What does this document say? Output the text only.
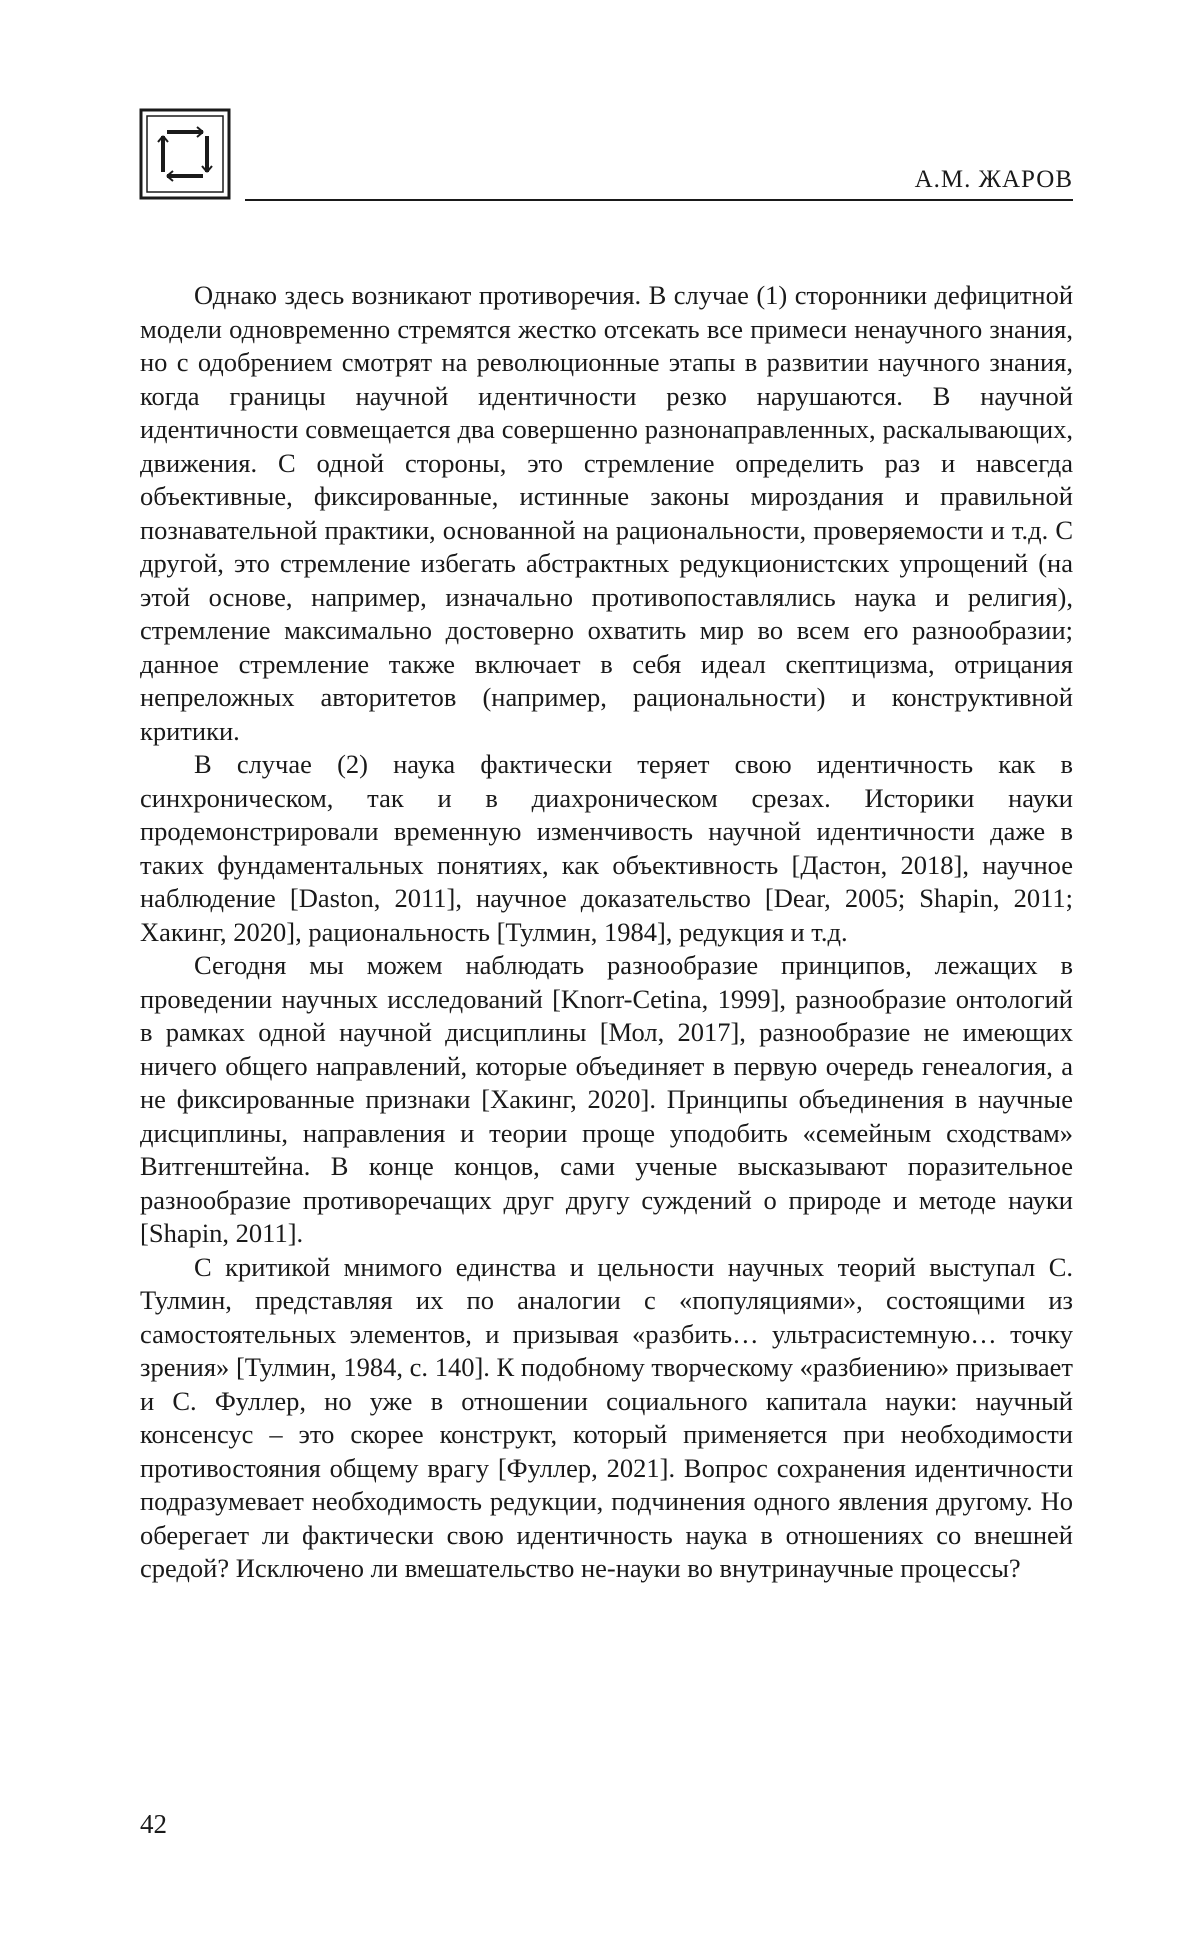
А.М. ЖАРОВ

Однако здесь возникают противоречия. В случае (1) сторонники дефицитной модели одновременно стремятся жестко отсекать все примеси ненаучного знания, но с одобрением смотрят на революционные этапы в развитии научного знания, когда границы научной идентичности резко нарушаются. В научной идентичности совмещается два совершенно разнонаправленных, раскалывающих, движения. С одной стороны, это стремление определить раз и навсегда объективные, фиксированные, истинные законы мироздания и правильной познавательной практики, основанной на рациональности, проверяемости и т.д. С другой, это стремление избегать абстрактных редукционистских упрощений (на этой основе, например, изначально противопоставлялись наука и религия), стремление максимально достоверно охватить мир во всем его разнообразии; данное стремление также включает в себя идеал скептицизма, отрицания непреложных авторитетов (например, рациональности) и конструктивной критики.

В случае (2) наука фактически теряет свою идентичность как в синхроническом, так и в диахроническом срезах. Историки науки продемонстрировали временную изменчивость научной идентичности даже в таких фундаментальных понятиях, как объективность [Дастон, 2018], научное наблюдение [Daston, 2011], научное доказательство [Dear, 2005; Shapin, 2011; Хакинг, 2020], рациональность [Тулмин, 1984], редукция и т.д.

Сегодня мы можем наблюдать разнообразие принципов, лежащих в проведении научных исследований [Knorr-Cetina, 1999], разнообразие онтологий в рамках одной научной дисциплины [Мол, 2017], разнообразие не имеющих ничего общего направлений, которые объединяет в первую очередь генеалогия, а не фиксированные признаки [Хакинг, 2020]. Принципы объединения в научные дисциплины, направления и теории проще уподобить «семейным сходствам» Витгенштейна. В конце концов, сами ученые высказывают поразительное разнообразие противоречащих друг другу суждений о природе и методе науки [Shapin, 2011].

С критикой мнимого единства и цельности научных теорий выступал С. Тулмин, представляя их по аналогии с «популяциями», состоящими из самостоятельных элементов, и призывая «разбить… ультрасистемную… точку зрения» [Тулмин, 1984, с. 140]. К подобному творческому «разбиению» призывает и С. Фуллер, но уже в отношении социального капитала науки: научный консенсус – это скорее конструкт, который применяется при необходимости противостояния общему врагу [Фуллер, 2021]. Вопрос сохранения идентичности подразумевает необходимость редукции, подчинения одного явления другому. Но оберегает ли фактически свою идентичность наука в отношениях со внешней средой? Исключено ли вмешательство не-науки во внутринаучные процессы?

42
